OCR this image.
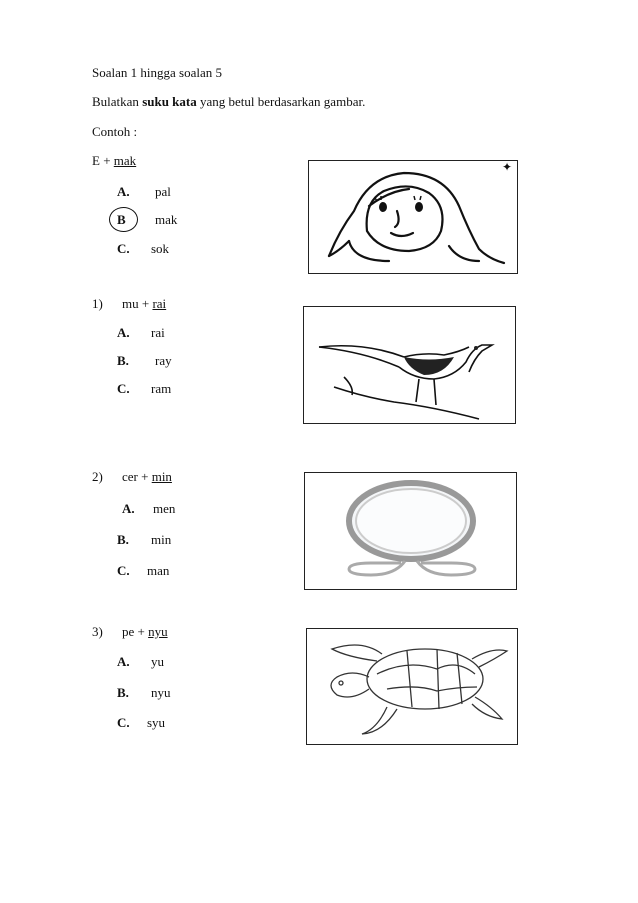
Soalan 1 hingga soalan 5
Bulatkan suku kata yang betul berdasarkan gambar.
Contoh :
E + mak
A. pal
B mak
C. sok
✦
1) mu + rai
A. rai
B. ray
C. ram
2) cer + min
A. men
B. min
C. man
3) pe + nyu
A. yu
B. nyu
C. syu
